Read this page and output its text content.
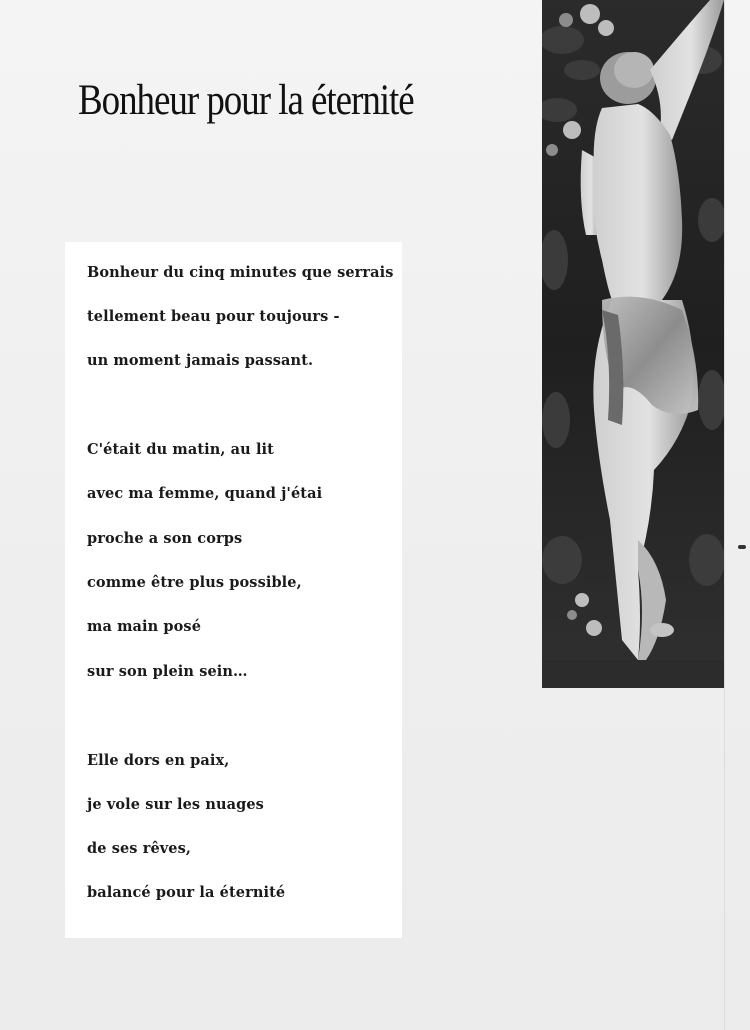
Bonheur pour la éternité

Bonheur du cinq minutes que serrais

tellement beau pour toujours -

un moment jamais passant.

C'était du matin, au lit

avec ma femme, quand j'étai

proche a son corps

comme être plus possible,

ma main posé

sur son plein sein…

Elle dors en paix,

je vole sur les nuages

de ses rêves,

balancé pour la éternité
